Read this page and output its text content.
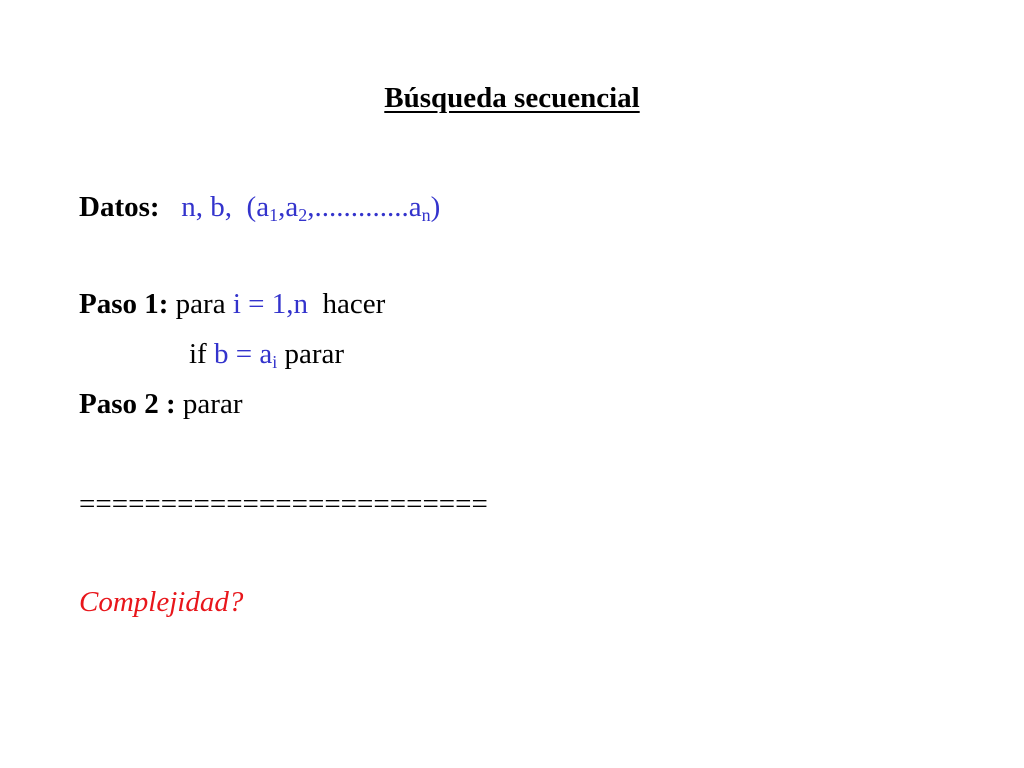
Búsqueda secuencial
Datos: n, b, $(a_1,a_2,.............a_n)$
Paso 1: para i = 1,n hacer
if $b = a_i$ parar
Paso 2 : parar
=========================
Complejidad?
